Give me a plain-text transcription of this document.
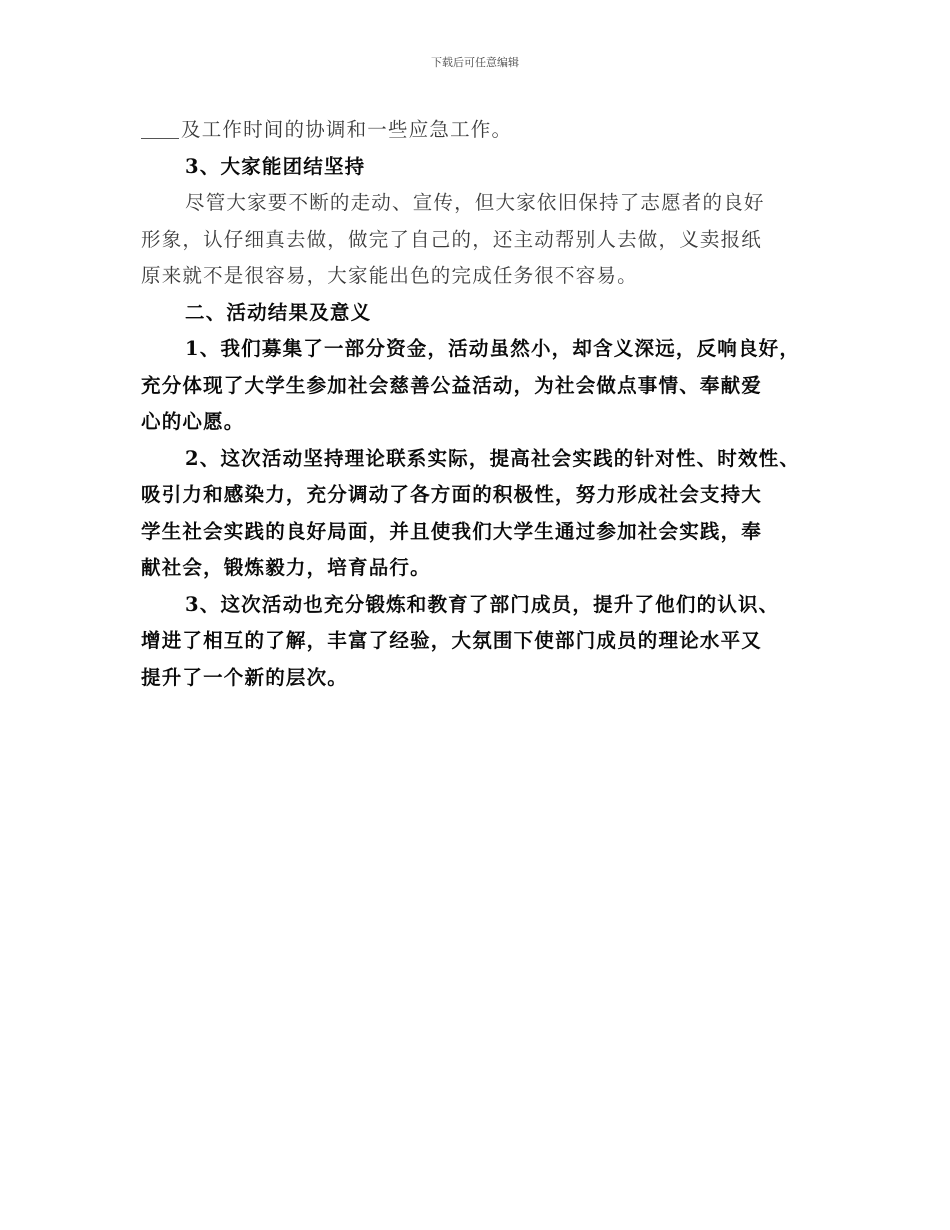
下载后可任意编辑
及工作时间的协调和一些应急工作。
3、大家能团结坚持
尽管大家要不断的走动、宣传，但大家依旧保持了志愿者的良好
形象，认仔细真去做，做完了自己的，还主动帮别人去做，义卖报纸
原来就不是很容易，大家能出色的完成任务很不容易。
二、活动结果及意义
1、我们募集了一部分资金，活动虽然小，却含义深远，反响良好，
充分体现了大学生参加社会慈善公益活动，为社会做点事情、奉献爱
心的心愿。
2、这次活动坚持理论联系实际，提高社会实践的针对性、时效性、
吸引力和感染力，充分调动了各方面的积极性，努力形成社会支持大
学生社会实践的良好局面，并且使我们大学生通过参加社会实践，奉
献社会，锻炼毅力，培育品行。
3、这次活动也充分锻炼和教育了部门成员，提升了他们的认识、
增进了相互的了解，丰富了经验，大氛围下使部门成员的理论水平又
提升了一个新的层次。
